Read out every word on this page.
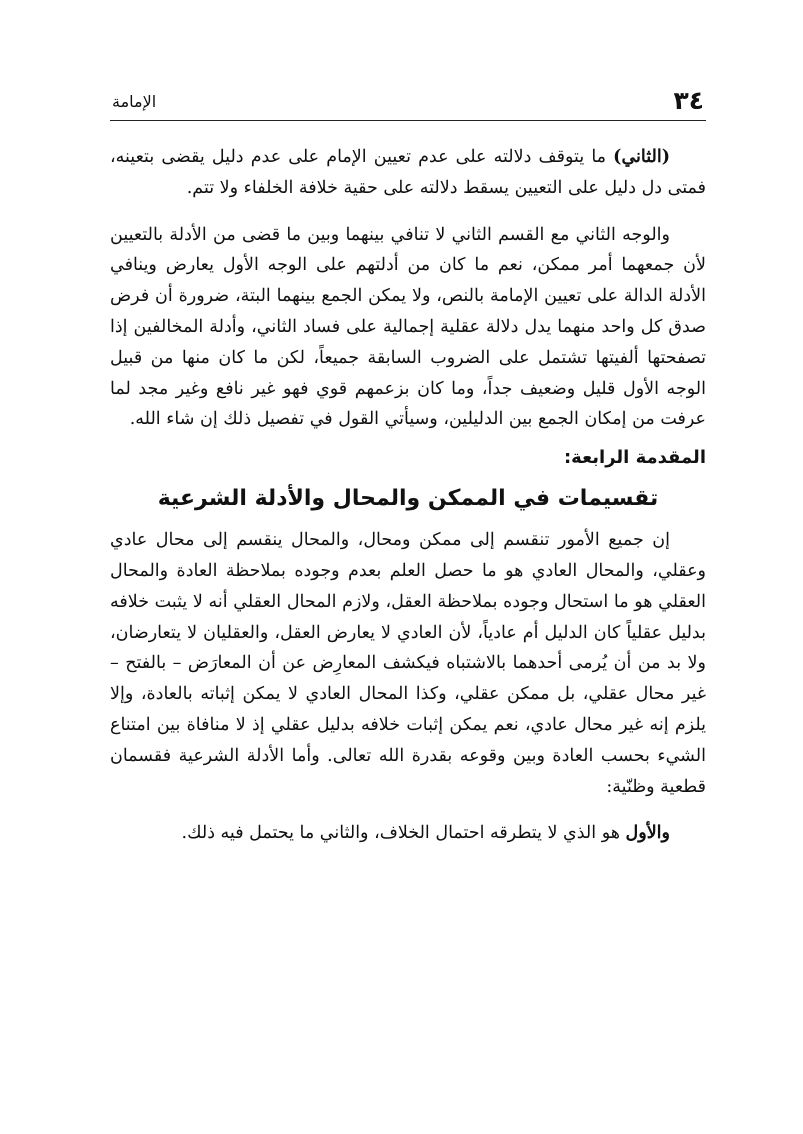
٣٤
الإمامة

(الثاني) ما يتوقف دلالته على عدم تعيين الإمام على عدم دليل يقضى بتعينه، فمتى دل دليل على التعيين يسقط دلالته على حقية خلافة الخلفاء ولا تتم.

والوجه الثاني مع القسم الثاني لا تنافي بينهما وبين ما قضى من الأدلة بالتعيين لأن جمعهما أمر ممكن، نعم ما كان من أدلتهم على الوجه الأول يعارض وينافي الأدلة الدالة على تعيين الإمامة بالنص، ولا يمكن الجمع بينهما البتة، ضرورة أن فرض صدق كل واحد منهما يدل دلالة عقلية إجمالية على فساد الثاني، وأدلة المخالفين إذا تصفحتها ألفيتها تشتمل على الضروب السابقة جميعاً، لكن ما كان منها من قبيل الوجه الأول قليل وضعيف جداً، وما كان بزعمهم قوي فهو غير نافع وغير مجد لما عرفت من إمكان الجمع بين الدليلين، وسيأتي القول في تفصيل ذلك إن شاء الله.

المقدمة الرابعة:
تقسيمات في الممكن والمحال والأدلة الشرعية

إن جميع الأمور تنقسم إلى ممكن ومحال، والمحال ينقسم إلى محال عادي وعقلي، والمحال العادي هو ما حصل العلم بعدم وجوده بملاحظة العادة والمحال العقلي هو ما استحال وجوده بملاحظة العقل، ولازم المحال العقلي أنه لا يثبت خلافه بدليل عقلياً كان الدليل أم عادياً، لأن العادي لا يعارض العقل، والعقليان لا يتعارضان، ولا بد من أن يُرمى أحدهما بالاشتباه فيكشف المعارِض عن أن المعارَض – بالفتح – غير محال عقلي، بل ممكن عقلي، وكذا المحال العادي لا يمكن إثباته بالعادة، وإلا يلزم إنه غير محال عادي، نعم يمكن إثبات خلافه بدليل عقلي إذ لا منافاة بين امتناع الشيء بحسب العادة وبين وقوعه بقدرة الله تعالى. وأما الأدلة الشرعية فقسمان قطعية وظنّية:

والأول هو الذي لا يتطرقه احتمال الخلاف، والثاني ما يحتمل فيه ذلك.
